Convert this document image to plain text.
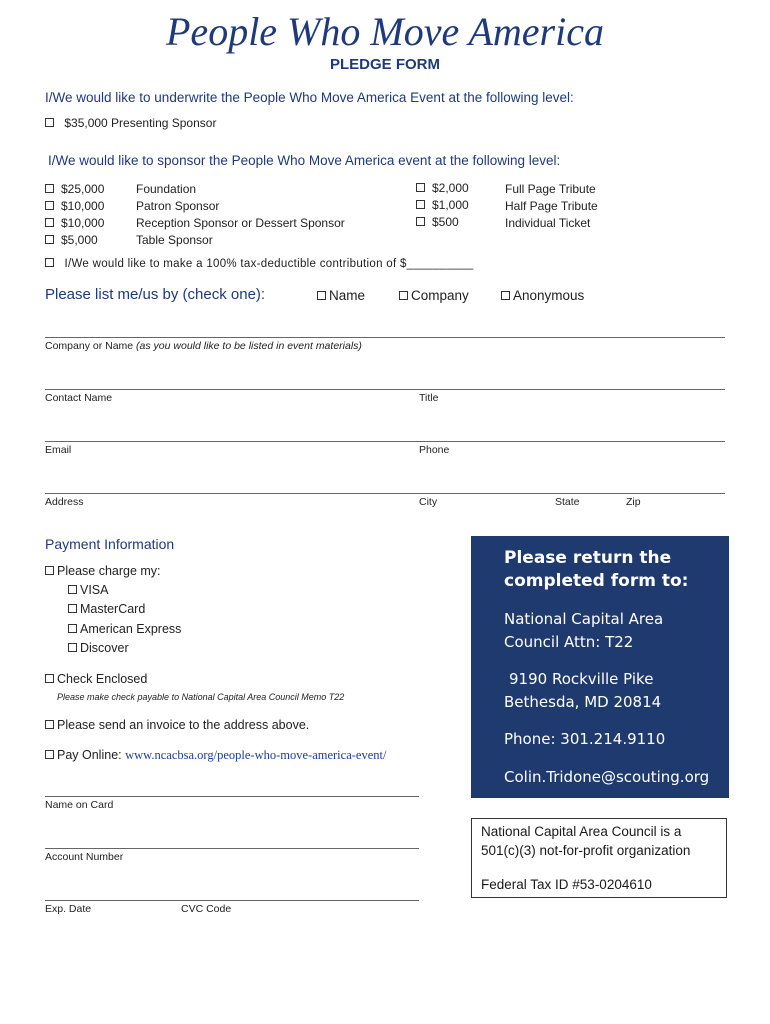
People Who Move America
PLEDGE FORM
I/We would like to underwrite the People Who Move America Event at the following level:
$35,000 Presenting Sponsor
I/We would like to sponsor the People Who Move America event at the following level:
$25,000	Foundation
$10,000	Patron Sponsor
$10,000	Reception Sponsor or Dessert Sponsor
$5,000	Table Sponsor
$2,000	Full Page Tribute
$1,000	Half Page Tribute
$500	Individual Ticket
I/We would like to make a 100% tax-deductible contribution of $__________
Please list me/us by (check one):	Name	Company	Anonymous
Company or Name (as you would like to be listed in event materials)
Contact Name	Title
Email	Phone
Address	City	State	Zip
Payment Information
Please charge my:
VISA
MasterCard
American Express
Discover
Check Enclosed
Please make check payable to National Capital Area Council Memo T22
Please send an invoice to the address above.
Pay Online: www.ncacbsa.org/people-who-move-america-event/
Name on Card
Account Number
Exp. Date	CVC Code
Please return the
completed form to:
National Capital Area
Council Attn: T22
9190 Rockville Pike
Bethesda, MD 20814
Phone: 301.214.9110
Colin.Tridone@scouting.org
National Capital Area Council is a
501(c)(3) not-for-profit organization
Federal Tax ID #53-0204610
